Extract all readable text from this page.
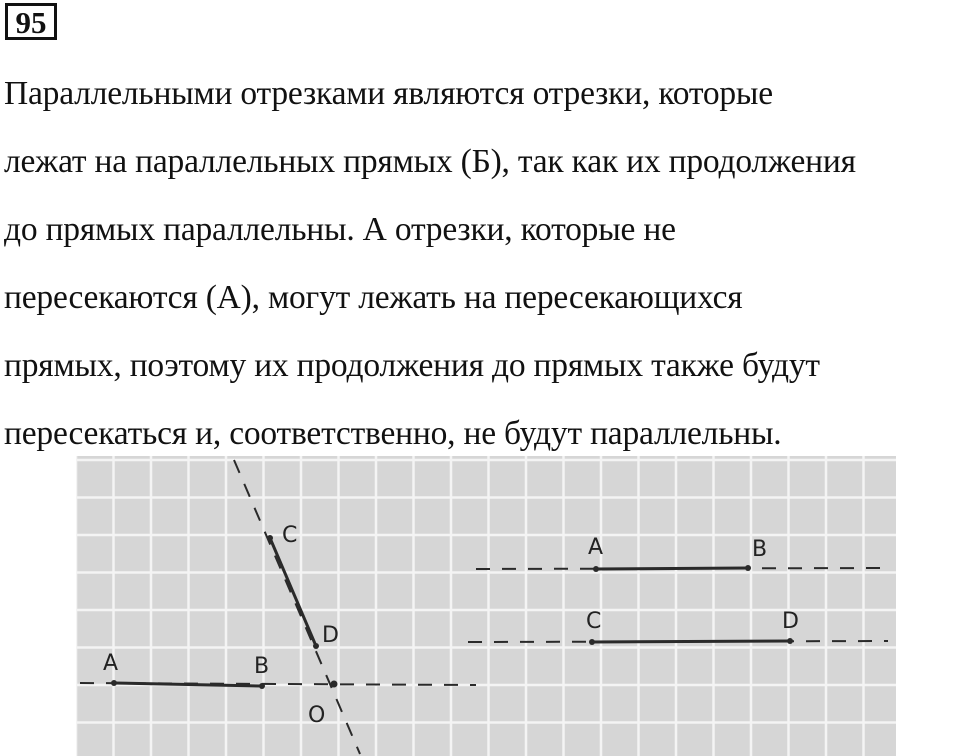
95
Параллельными отрезками являются отрезки, которые
лежат на параллельных прямых (Б), так как их продолжения
до прямых параллельны. А отрезки, которые не
пересекаются (А), могут лежать на пересекающихся
прямых, поэтому их продолжения до прямых также будут
пересекаться и, соответственно, не будут параллельны.
A	B
C
D
O
A	B
C	D
